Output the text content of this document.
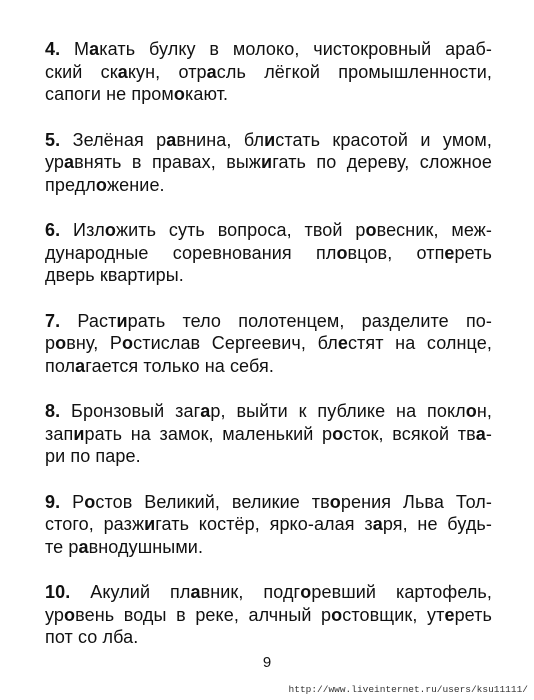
4. Макать булку в молоко, чистокровный араб-
ский скакун, отрасль лёгкой промышленности,
сапоги не промокают.
5. Зелёная равнина, блистать красотой и умом,
уравнять в правах, выжигать по дереву, сложное
предложение.
6. Изложить суть вопроса, твой ровесник, меж-
дународные соревнования пловцов, отпереть
дверь квартиры.
7. Растирать тело полотенцем, разделите по-
ровну, Ростислав Сергеевич, блестят на солнце,
полагается только на себя.
8. Бронзовый загар, выйти к публике на поклон,
запирать на замок, маленький росток, всякой тва-
ри по паре.
9. Ростов Великий, великие творения Льва Тол-
стого, разжигать костёр, ярко-алая заря, не будь-
те равнодушными.
10. Акулий плавник, подгоревший картофель,
уровень воды в реке, алчный ростовщик, утереть
пот со лба.
9
http://www.liveinternet.ru/users/ksu11111/
